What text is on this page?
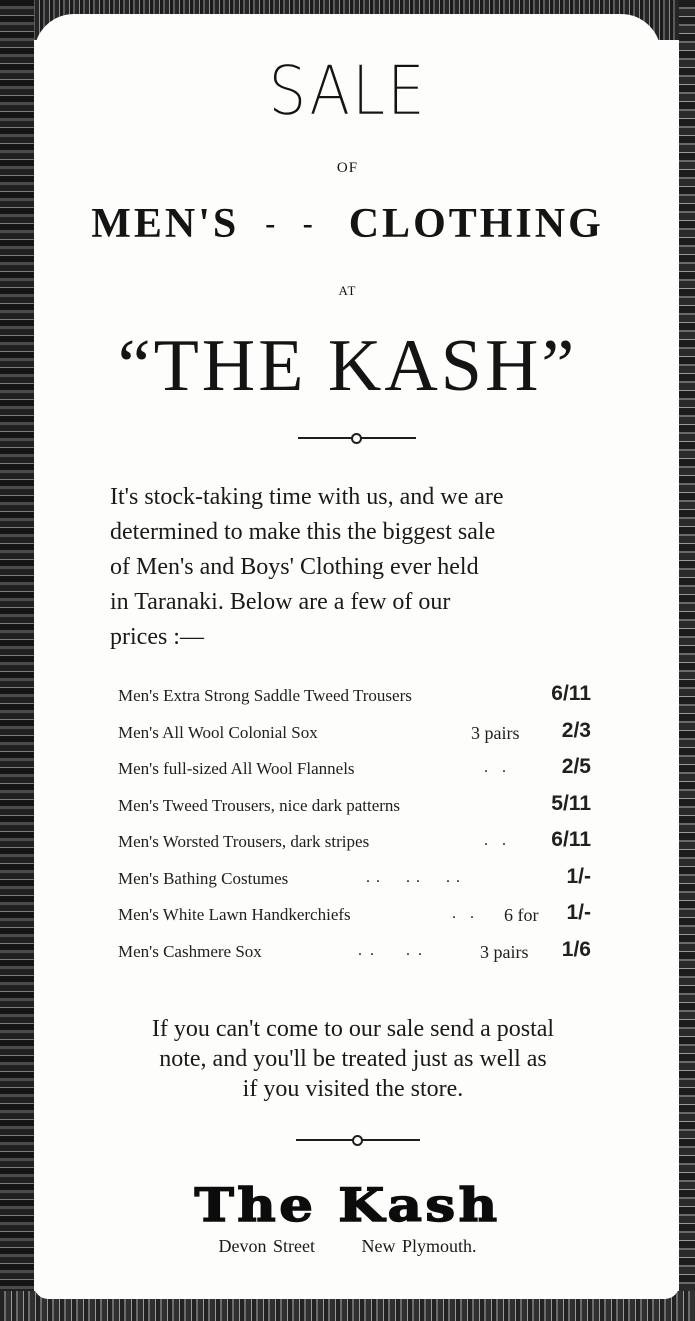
SALE
OF
MEN'S - - CLOTHING
AT
“THE KASH”
It's stock-taking time with us, and we are
determined to make this the biggest sale
of Men's and Boys' Clothing ever held
in Taranaki. Below are a few of our
prices :—
Men's Extra Strong Saddle Tweed Trousers	6/11
Men's All Wool Colonial Sox	3 pairs 2/3
Men's full-sized All Wool Flannels	.. 2/5
Men's Tweed Trousers, nice dark patterns	5/11
Men's Worsted Trousers, dark stripes	.. 6/11
Men's Bathing Costumes	..  ..  ..	1/-
Men's White Lawn Handkerchiefs	.. 6 for 1/-
Men's Cashmere Sox	..  ..	3 pairs 1/6
If you can't come to our sale send a postal
note, and you'll be treated just as well as
if you visited the store.
The Kash
Devon Street	New Plymouth.
